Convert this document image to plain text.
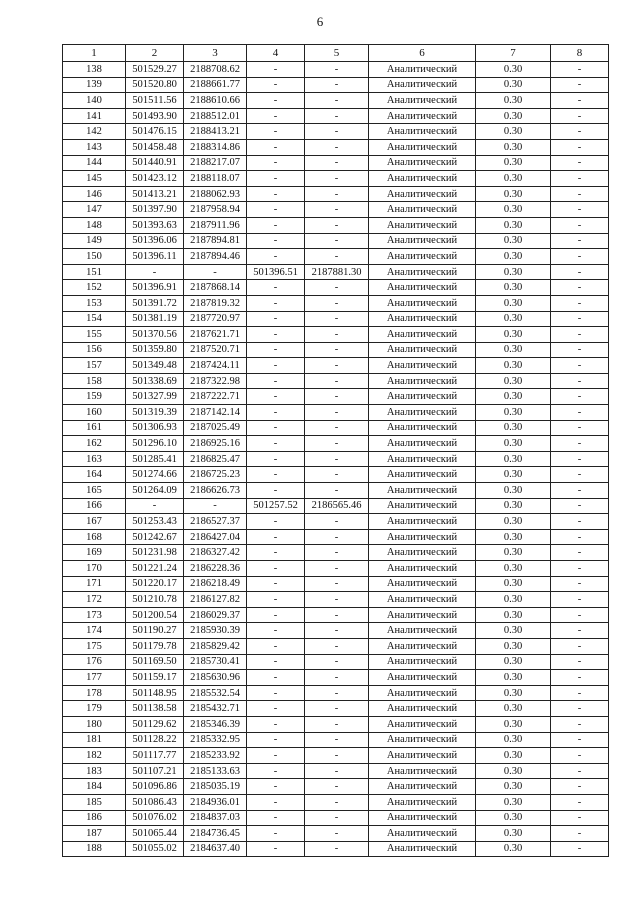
6
1	2	3	4	5	6	7	8
138	501529.27	2188708.62	-	-	Аналитический	0.30	-
139	501520.80	2188661.77	-	-	Аналитический	0.30	-
140	501511.56	2188610.66	-	-	Аналитический	0.30	-
141	501493.90	2188512.01	-	-	Аналитический	0.30	-
142	501476.15	2188413.21	-	-	Аналитический	0.30	-
143	501458.48	2188314.86	-	-	Аналитический	0.30	-
144	501440.91	2188217.07	-	-	Аналитический	0.30	-
145	501423.12	2188118.07	-	-	Аналитический	0.30	-
146	501413.21	2188062.93	-	-	Аналитический	0.30	-
147	501397.90	2187958.94	-	-	Аналитический	0.30	-
148	501393.63	2187911.96	-	-	Аналитический	0.30	-
149	501396.06	2187894.81	-	-	Аналитический	0.30	-
150	501396.11	2187894.46	-	-	Аналитический	0.30	-
151	-	-	501396.51	2187881.30	Аналитический	0.30	-
152	501396.91	2187868.14	-	-	Аналитический	0.30	-
153	501391.72	2187819.32	-	-	Аналитический	0.30	-
154	501381.19	2187720.97	-	-	Аналитический	0.30	-
155	501370.56	2187621.71	-	-	Аналитический	0.30	-
156	501359.80	2187520.71	-	-	Аналитический	0.30	-
157	501349.48	2187424.11	-	-	Аналитический	0.30	-
158	501338.69	2187322.98	-	-	Аналитический	0.30	-
159	501327.99	2187222.71	-	-	Аналитический	0.30	-
160	501319.39	2187142.14	-	-	Аналитический	0.30	-
161	501306.93	2187025.49	-	-	Аналитический	0.30	-
162	501296.10	2186925.16	-	-	Аналитический	0.30	-
163	501285.41	2186825.47	-	-	Аналитический	0.30	-
164	501274.66	2186725.23	-	-	Аналитический	0.30	-
165	501264.09	2186626.73	-	-	Аналитический	0.30	-
166	-	-	501257.52	2186565.46	Аналитический	0.30	-
167	501253.43	2186527.37	-	-	Аналитический	0.30	-
168	501242.67	2186427.04	-	-	Аналитический	0.30	-
169	501231.98	2186327.42	-	-	Аналитический	0.30	-
170	501221.24	2186228.36	-	-	Аналитический	0.30	-
171	501220.17	2186218.49	-	-	Аналитический	0.30	-
172	501210.78	2186127.82	-	-	Аналитический	0.30	-
173	501200.54	2186029.37	-	-	Аналитический	0.30	-
174	501190.27	2185930.39	-	-	Аналитический	0.30	-
175	501179.78	2185829.42	-	-	Аналитический	0.30	-
176	501169.50	2185730.41	-	-	Аналитический	0.30	-
177	501159.17	2185630.96	-	-	Аналитический	0.30	-
178	501148.95	2185532.54	-	-	Аналитический	0.30	-
179	501138.58	2185432.71	-	-	Аналитический	0.30	-
180	501129.62	2185346.39	-	-	Аналитический	0.30	-
181	501128.22	2185332.95	-	-	Аналитический	0.30	-
182	501117.77	2185233.92	-	-	Аналитический	0.30	-
183	501107.21	2185133.63	-	-	Аналитический	0.30	-
184	501096.86	2185035.19	-	-	Аналитический	0.30	-
185	501086.43	2184936.01	-	-	Аналитический	0.30	-
186	501076.02	2184837.03	-	-	Аналитический	0.30	-
187	501065.44	2184736.45	-	-	Аналитический	0.30	-
188	501055.02	2184637.40	-	-	Аналитический	0.30	-
